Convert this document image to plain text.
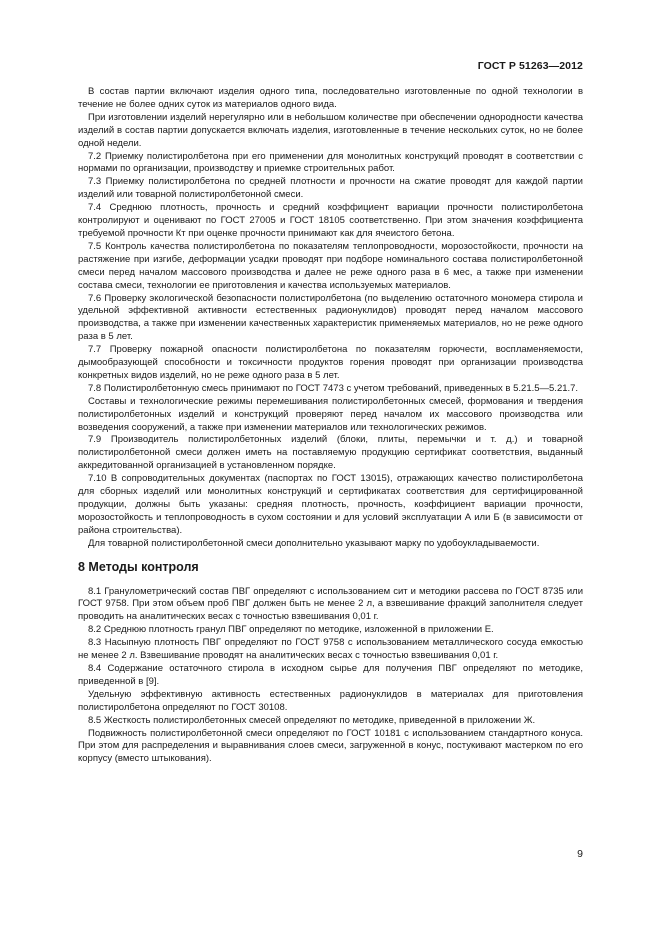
ГОСТ Р 51263—2012

В состав партии включают изделия одного типа, последовательно изготовленные по одной технологии в течение не более одних суток из материалов одного вида.

При изготовлении изделий нерегулярно или в небольшом количестве при обеспечении однородности качества изделий в состав партии допускается включать изделия, изготовленные в течение нескольких суток, но не более одной недели.

7.2 Приемку полистиролбетона при его применении для монолитных конструкций проводят в соответствии с нормами по организации, производству и приемке строительных работ.

7.3 Приемку полистиролбетона по средней плотности и прочности на сжатие проводят для каждой партии изделий или товарной полистиролбетонной смеси.

7.4 Среднюю плотность, прочность и средний коэффициент вариации прочности полистиролбетона контролируют и оценивают по ГОСТ 27005 и ГОСТ 18105 соответственно. При этом значения коэффициента требуемой прочности Кт при оценке прочности принимают как для ячеистого бетона.

7.5 Контроль качества полистиролбетона по показателям теплопроводности, морозостойкости, прочности на растяжение при изгибе, деформации усадки проводят при подборе номинального состава полистиролбетонной смеси перед началом массового производства и далее не реже одного раза в 6 мес, а также при изменении состава смеси, технологии ее приготовления и качества используемых материалов.

7.6 Проверку экологической безопасности полистиролбетона (по выделению остаточного мономера стирола и удельной эффективной активности естественных радионуклидов) проводят перед началом массового производства, а также при изменении качественных характеристик применяемых материалов, но не реже одного раза в 5 лет.

7.7 Проверку пожарной опасности полистиролбетона по показателям горючести, воспламеняемости, дымообразующей способности и токсичности продуктов горения проводят при организации производства конкретных видов изделий, но не реже одного раза в 5 лет.

7.8 Полистиролбетонную смесь принимают по ГОСТ 7473 с учетом требований, приведенных в 5.21.5—5.21.7.

Составы и технологические режимы перемешивания полистиролбетонных смесей, формования и твердения полистиролбетонных изделий и конструкций проверяют перед началом их массового производства или возведения сооружений, а также при изменении материалов или технологических режимов.

7.9 Производитель полистиролбетонных изделий (блоки, плиты, перемычки и т. д.) и товарной полистиролбетонной смеси должен иметь на поставляемую продукцию сертификат соответствия, выданный аккредитованной организацией в установленном порядке.

7.10 В сопроводительных документах (паспортах по ГОСТ 13015), отражающих качество полистиролбетона для сборных изделий или монолитных конструкций и сертификатах соответствия для сертифицированной продукции, должны быть указаны: средняя плотность, прочность, коэффициент вариации прочности, морозостойкость и теплопроводность в сухом состоянии и для условий эксплуатации А или Б (в зависимости от района строительства).

Для товарной полистиролбетонной смеси дополнительно указывают марку по удобоукладываемости.

8 Методы контроля

8.1 Гранулометрический состав ПВГ определяют с использованием сит и методики рассева по ГОСТ 8735 или ГОСТ 9758. При этом объем проб ПВГ должен быть не менее 2 л, а взвешивание фракций заполнителя следует проводить на аналитических весах с точностью взвешивания 0,01 г.

8.2 Среднюю плотность гранул ПВГ определяют по методике, изложенной в приложении Е.

8.3 Насыпную плотность ПВГ определяют по ГОСТ 9758 с использованием металлического сосуда емкостью не менее 2 л. Взвешивание проводят на аналитических весах с точностью взвешивания 0,01 г.

8.4 Содержание остаточного стирола в исходном сырье для получения ПВГ определяют по методике, приведенной в [9].

Удельную эффективную активность естественных радионуклидов в материалах для приготовления полистиролбетона определяют по ГОСТ 30108.

8.5 Жесткость полистиролбетонных смесей определяют по методике, приведенной в приложении Ж.

Подвижность полистиролбетонной смеси определяют по ГОСТ 10181 с использованием стандартного конуса. При этом для распределения и выравнивания слоев смеси, загруженной в конус, постукивают мастерком по его корпусу (вместо штыкования).

9
